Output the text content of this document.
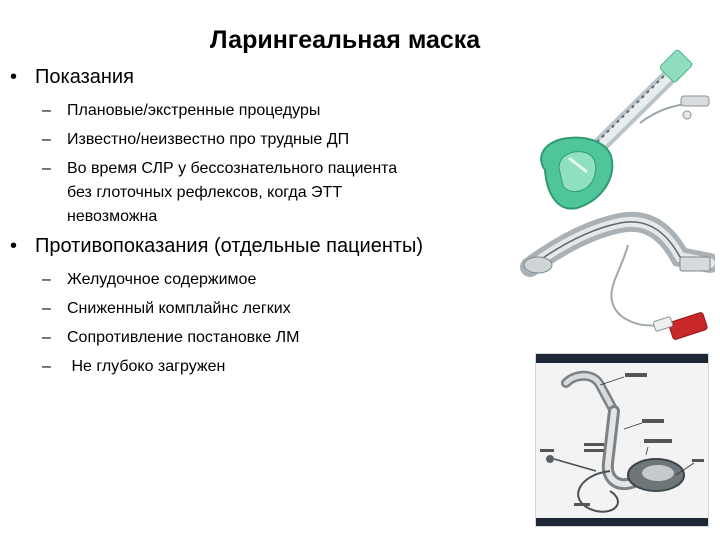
Ларингеальная маска
• Показания
–	Плановые/экстренные процедуры
–	Известно/неизвестно про трудные ДП
–	Во время СЛР у бессознательного пациента
без глоточных рефлексов, когда ЭТТ
невозможна
• Противопоказания (отдельные пациенты)
–	Желудочное содержимое
–	Сниженный комплайнс легких
–	Сопротивление постановке ЛМ
–	Не глубоко загружен
